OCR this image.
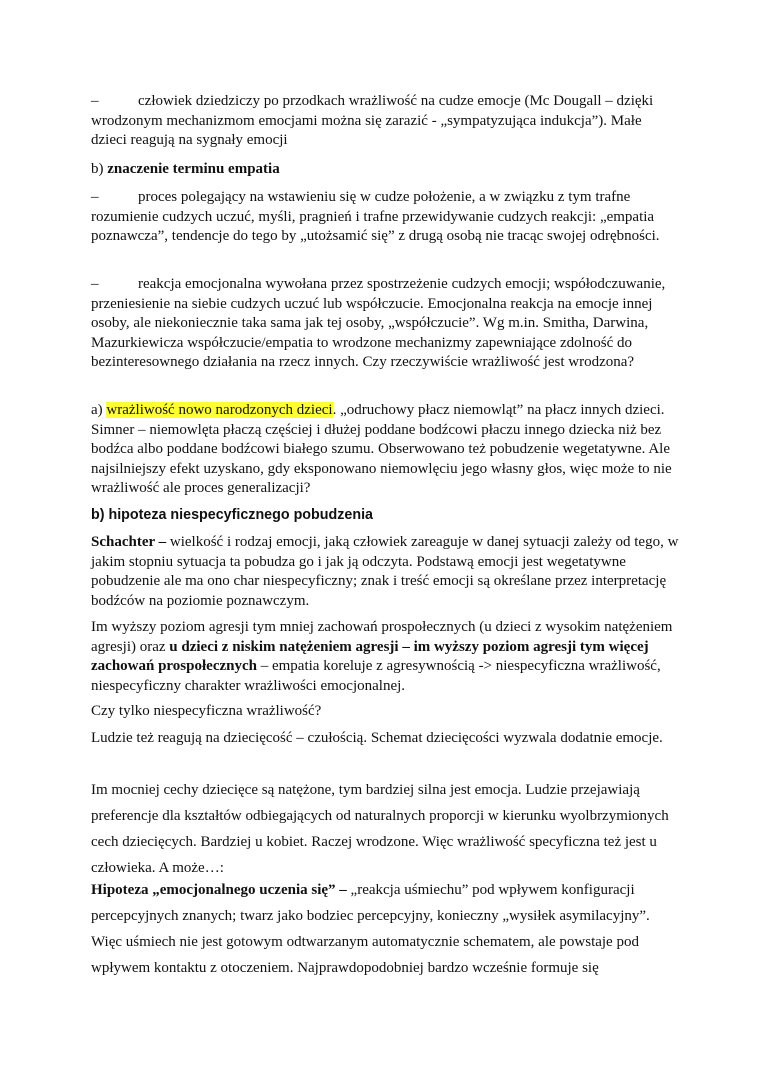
–	człowiek dziedziczy po przodkach wrażliwość na cudze emocje (Mc Dougall – dzięki wrodzonym mechanizmom emocjami można się zarazić - „sympatyzująca indukcja”). Małe dzieci reagują na sygnały emocji

b) znaczenie terminu empatia

–	proces polegający na wstawieniu się w cudze położenie, a w związku z tym trafne rozumienie cudzych uczuć, myśli, pragnień i trafne przewidywanie cudzych reakcji: „empatia poznawcza”, tendencje do tego by „utożsamić się” z drugą osobą nie tracąc swojej odrębności.

–	reakcja emocjonalna wywołana przez spostrzeżenie cudzych emocji; współodczuwanie, przeniesienie na siebie cudzych uczuć lub współczucie. Emocjonalna reakcja na emocje innej osoby, ale niekoniecznie taka sama jak tej osoby, „współczucie”. Wg m.in. Smitha, Darwina, Mazurkiewicza współczucie/empatia to wrodzone mechanizmy zapewniające zdolność do bezinteresownego działania na rzecz innych. Czy rzeczywiście wrażliwość jest wrodzona?

a) wrażliwość nowo narodzonych dzieci. „odruchowy płacz niemowląt” na płacz innych dzieci. Simner – niemowlęta płaczą częściej i dłużej poddane bodźcowi płaczu innego dziecka niż bez bodźca albo poddane bodźcowi białego szumu. Obserwowano też pobudzenie wegetatywne. Ale najsilniejszy efekt uzyskano, gdy eksponowano niemowlęciu jego własny głos, więc może to nie wrażliwość ale proces generalizacji?

b) hipoteza niespecyficznego pobudzenia

Schachter – wielkość i rodzaj emocji, jaką człowiek zareaguje w danej sytuacji zależy od tego, w jakim stopniu sytuacja ta pobudza go i jak ją odczyta. Podstawą emocji jest wegetatywne pobudzenie ale ma ono char niespecyficzny; znak i treść emocji są określane przez interpretację bodźców na poziomie poznawczym.

Im wyższy poziom agresji tym mniej zachowań prospołecznych (u dzieci z wysokim natężeniem agresji) oraz u dzieci z niskim natężeniem agresji – im wyższy poziom agresji tym więcej zachowań prospołecznych – empatia koreluje z agresywnością -> niespecyficzna wrażliwość, niespecyficzny charakter wrażliwości emocjonalnej.

Czy tylko niespecyficzna wrażliwość?

Ludzie też reagują na dziecięcość – czułością. Schemat dziecięcości wyzwala dodatnie emocje.

Im mocniej cechy dziecięce są natężone, tym bardziej silna jest emocja. Ludzie przejawiają preferencje dla kształtów odbiegających od naturalnych proporcji w kierunku wyolbrzymionych cech dziecięcych. Bardziej u kobiet. Raczej wrodzone. Więc wrażliwość specyficzna też jest u człowieka. A może…:

Hipoteza „emocjonalnego uczenia się” – „reakcja uśmiechu” pod wpływem konfiguracji percepcyjnych znanych; twarz jako bodziec percepcyjny, konieczny „wysiłek asymilacyjny”. Więc uśmiech nie jest gotowym odtwarzanym automatycznie schematem, ale powstaje pod wpływem kontaktu z otoczeniem. Najprawdopodobniej bardzo wcześnie formuje się
